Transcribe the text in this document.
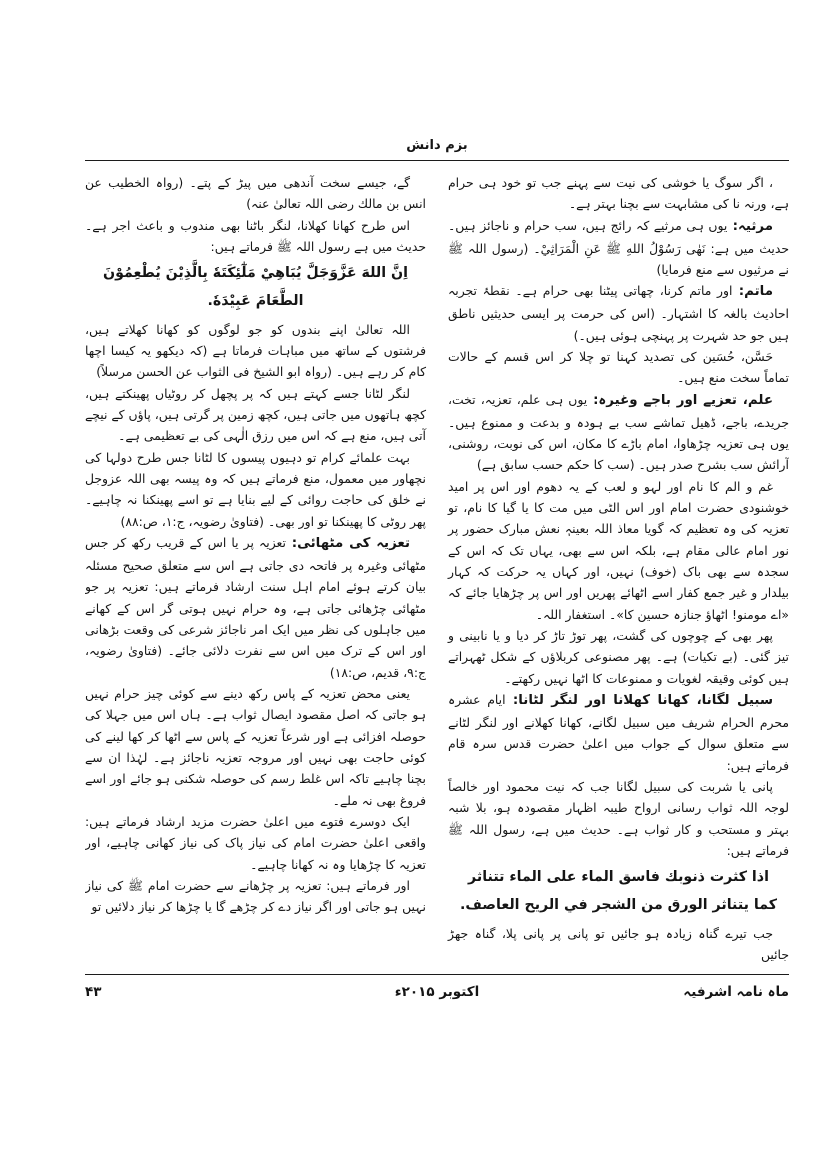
بزم دانش

، اگر سوگ یا خوشی کی نیت سے پہنے جب تو خود ہی حرام ہے، ورنہ نا کی مشابہت سے بچنا بہتر ہے۔

مرثیہ: یوں ہی مرثیے کہ رائج ہیں، سب حرام و ناجائز ہیں۔ حدیث میں ہے: نَهٰى رَسُوْلُ اللهِ ﷺ عَنِ الْمَرَاثِيْ۔ (رسول اللہ ﷺ نے مرثیوں سے منع فرمایا)

ماتم: اور ماتم کرنا، چھاتی پیٹنا بھی حرام ہے۔ نقطۂ تجربہ احادیث بالغہ کا اشتہار۔ (اس کی حرمت پر ایسی حدیثیں ناطق ہیں جو حد شہرت پر پہنچی ہوئی ہیں۔)

حَسَّن، حُسَین کی تصدید کہنا تو چلا کر اس قسم کے حالات تماماً سخت منع ہیں۔

علم، تعزیے اور باجے وغیرہ: یوں ہی علم، تعزیہ، تخت، جریدے، باجے، ڈھیل تماشے سب بے ہودہ و بدعت و ممنوع ہیں۔ یوں ہی تعزیہ چڑھاوا، امام باڑے کا مکان، اس کی نوبت، روشنی، آرائش سب بشرح صدر ہیں۔ (سب کا حکم حسب سابق ہے)

غم و الم کا نام اور لہو و لعب کے یہ دھوم اور اس پر امید خوشنودی حضرت امام اور اس الٹی میں مت کا یا گیا کا نام، تو تعزیہ کی وہ تعظیم کہ گویا معاذ اللہ بعینہٖ نعش مبارک حضور پر نور امام عالی مقام ہے، بلکہ اس سے بھی، یہاں تک کہ اس کے سجدہ سے بھی باک (خوف) نہیں، اور کہاں یہ حرکت کہ کہار بیلدار و غیر جمع کفار اسے اٹھائے پھریں اور اس پر چڑھایا جائے کہ «اے مومنو! اٹھاؤ جنازہ حسین کا»۔ استغفار اللہ۔

پھر بھی کے چوچوں کی گشت، پھر توڑ تاڑ کر دیا و یا نابینی و تیز گئی۔ (بے تکیات) ہے۔ پھر مصنوعی کربلاؤں کے شکل ٹھہراتے ہیں کوئی وقیقہ لغویات و ممنوعات کا اٹھا نہیں رکھتے۔

سبیل لگانا، کھانا کھلانا اور لنگر لٹانا: ایام عشرہ محرم الحرام شریف میں سبیل لگانے، کھانا کھلانے اور لنگر لٹانے سے متعلق سوال کے جواب میں اعلیٰ حضرت قدس سرہ قام فرماتے ہیں:

پانی یا شربت کی سبیل لگانا جب کہ نیت محمود اور خالصاً لوجہ اللہ ثواب رسانی ارواح طیبہ اظہار مقصودہ ہو، بلا شبہ بہتر و مستحب و کار ثواب ہے۔ حدیث میں ہے، رسول اللہ ﷺ فرماتے ہیں:

اذا كثرت ذنوبك فاسق الماء على الماء تتناثر كما يتناثر الورق من الشجر في الريح العاصف.

جب تیرے گناہ زیادہ ہو جائیں تو پانی پر پانی پلا، گناہ جھڑ جائیں

گے، جیسے سخت آندھی میں پیڑ کے پتے۔ (رواہ الخطیب عن انس بن مالك رضی اللہ تعالیٰ عنہ)

اس طرح کھانا کھلانا، لنگر باٹنا بھی مندوب و باعث اجر ہے۔ حدیث میں ہے رسول اللہ ﷺ فرماتے ہیں:

اِنَّ اللهَ عَزَّوَجَلَّ يُبَاهِيْ مَلٰٓئِكَتَهٗ بِالَّذِيْنَ يُطْعِمُوْنَ الطَّعَامَ عَبِيْدَهٗ.

اللہ تعالیٰ اپنے بندوں کو جو لوگوں کو کھانا کھلاتے ہیں، فرشتوں کے ساتھ میں مباہات فرماتا ہے (کہ دیکھو یہ کیسا اچھا کام کر رہے ہیں۔ (رواہ ابو الشیخ فی الثواب عن الحسن مرسلاً)

لنگر لٹانا جسے کہتے ہیں کہ پر پچھل کر روٹیاں پھینکتے ہیں، کچھ ہاتھوں میں جاتی ہیں، کچھ زمین پر گرتی ہیں، پاؤں کے نیچے آتی ہیں، منع ہے کہ اس میں رزق الٰہی کی بے تعظیمی ہے۔

بہت علمائے کرام تو دہیوں پیسوں کا لٹانا جس طرح دولہا کی نچھاور میں معمول، منع فرماتے ہیں کہ وہ پیسہ بھی اللہ عزوجل نے خلق کی حاجت روائی کے لیے بنایا ہے تو اسے پھینکنا نہ چاہیے۔ پھر روٹی کا پھینکنا تو اور بھی۔ (فتاویٰ رضویہ، ج:۱، ص:۸۸)

تعزیہ کی مٹھائی: تعزیہ پر یا اس کے قریب رکھ کر جس مٹھائی وغیرہ پر فاتحہ دی جاتی ہے اس سے متعلق صحیح مسئلہ بیان کرتے ہوئے امام اہل سنت ارشاد فرماتے ہیں: تعزیہ پر جو مٹھائی چڑھائی جاتی ہے، وہ حرام نہیں ہوتی گر اس کے کھانے میں جاہلوں کی نظر میں ایک امر ناجائز شرعی کی وقعت بڑھانی اور اس کے ترک میں اس سے نفرت دلائی جائے۔ (فتاویٰ رضویہ، ج:۹، قدیم، ص:۱۸)

یعنی محض تعزیہ کے پاس رکھ دینے سے کوئی چیز حرام نہیں ہو جاتی کہ اصل مقصود ایصال ثواب ہے۔ ہاں اس میں جہلا کی حوصلہ افزائی ہے اور شرعاً تعزیہ کے پاس سے اٹھا کر کھا لینے کی کوئی حاجت بھی نہیں اور مروجہ تعزیہ ناجائز ہے۔ لہٰذا ان سے بچنا چاہیے تاکہ اس غلط رسم کی حوصلہ شکنی ہو جائے اور اسے فروغ بھی نہ ملے۔

ایک دوسرے فتوے میں اعلیٰ حضرت مزید ارشاد فرماتے ہیں: واقعی اعلیٰ حضرت امام کی نیاز پاک کی نیاز کھانی چاہیے، اور تعزیہ کا چڑھایا وہ نہ کھانا چاہیے۔

اور فرماتے ہیں: تعزیہ پر چڑھانے سے حضرت امام ﷺ کی نیاز نہیں ہو جاتی اور اگر نیاز دے کر چڑھے گا یا چڑھا کر نیاز دلائیں تو

ماہ نامہ اشرفیہ
اکتوبر ۲۰۱۵ء
۴۳
